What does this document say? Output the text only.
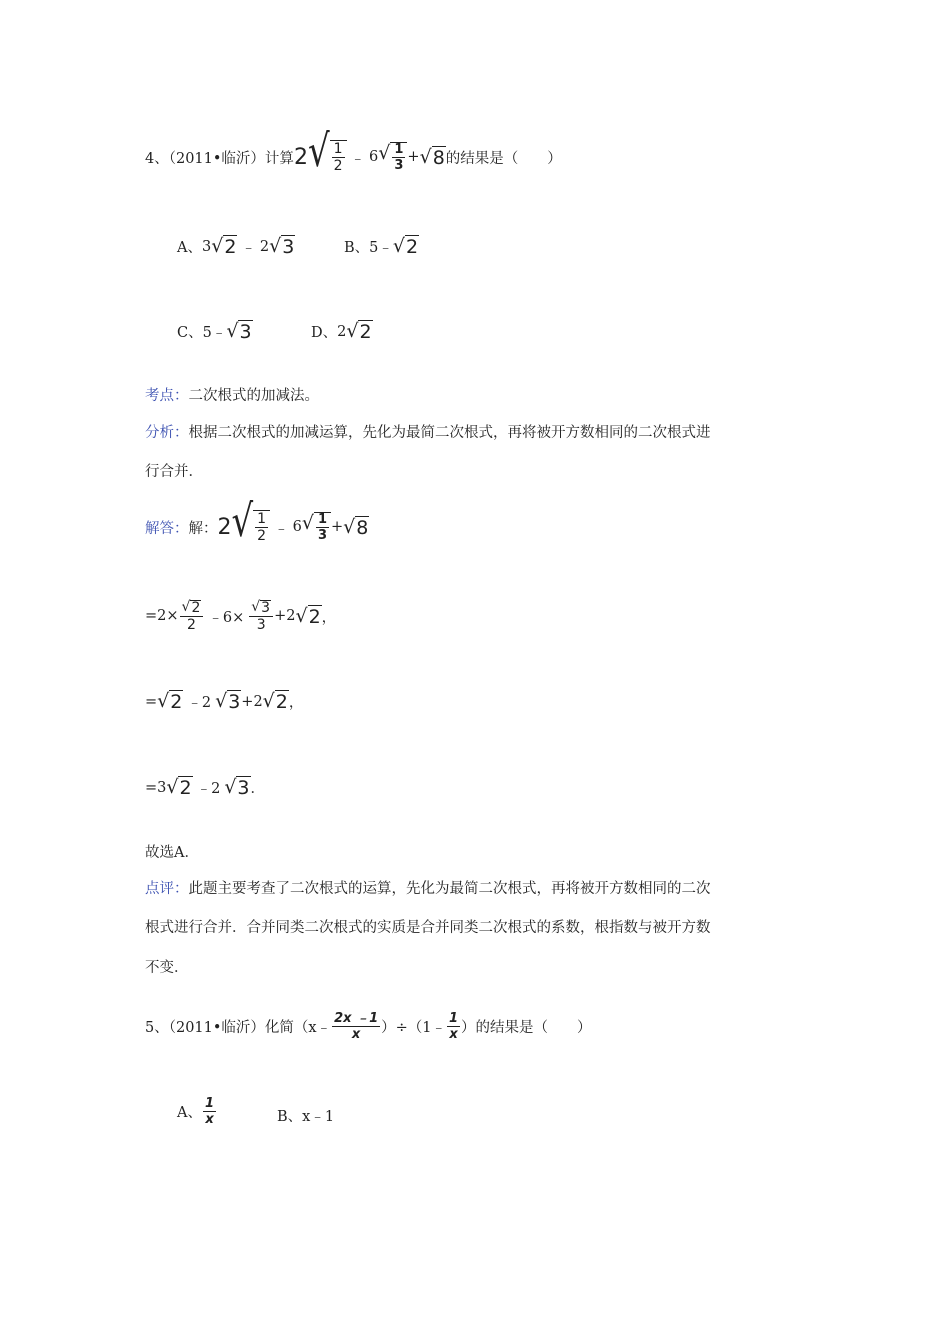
4、（2011•临沂）计算 2 √ $\frac{1}{2}$ ﹣ 6 √ $\frac{1}{3}$ + √ 8 的结果是（　　）
A、 3 √ 2 ﹣ 2 √ 3	B、 5﹣ √ 2
C、 5﹣ √ 3	D、 2 √ 2
考点： 二次根式的加减法。
分析： 根据二次根式的加减运算，先化为最简二次根式，再将被开方数相同的二次根式进
行合并．
解答： 解： 2 √ $\frac{1}{2}$ ﹣ 6 √ $\frac{1}{3}$ + √ 8
$=2\times \frac{√ 2}{2}$ ﹣6× $\frac{√ 3}{3} +2$ √ 2 ，
= √ 2 ﹣2 √ 3 +2 √ 2 ，
=3 √ 2 ﹣2 √ 3 ．
故选A．
点评： 此题主要考查了二次根式的运算，先化为最简二次根式，再将被开方数相同的二次
根式进行合并．合并同类二次根式的实质是合并同类二次根式的系数，根指数与被开方数
不变．
5、（2011•临沂）化简（x﹣ $\frac{2x ﹣1}{x}$ ）÷（1﹣ $\frac{1}{x}$ ）的结果是（　　）
A、 $\frac{1}{x}$	B、x﹣1
